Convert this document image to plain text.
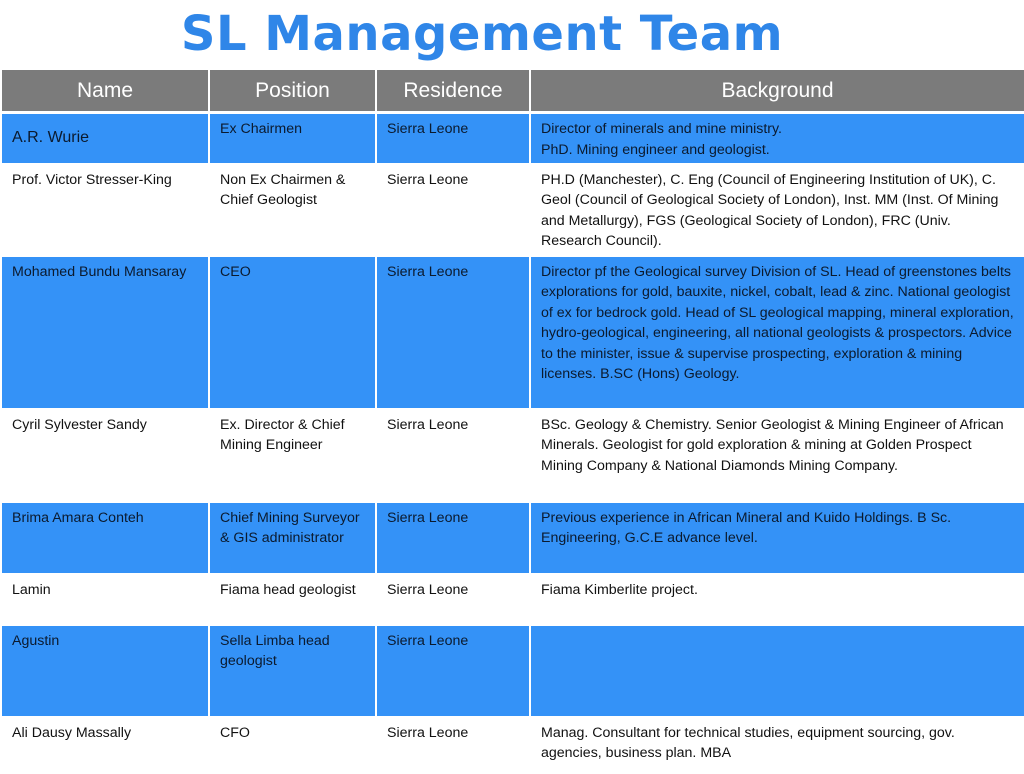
SL Management Team
Name	Position	Residence	Background
A.R. Wurie	Ex Chairmen	Sierra Leone	Director of minerals and mine ministry.
PhD. Mining engineer and geologist.
Prof. Victor Stresser-King	Non Ex Chairmen & Chief Geologist	Sierra Leone	PH.D (Manchester), C. Eng (Council of Engineering Institution of UK), C. Geol (Council of Geological Society of London), Inst. MM (Inst. Of Mining and Metallurgy), FGS (Geological Society of London), FRC (Univ. Research Council).
Mohamed Bundu Mansaray	CEO	Sierra Leone	Director pf the Geological survey Division of SL. Head of greenstones belts explorations for gold, bauxite, nickel, cobalt, lead & zinc. National geologist of ex for bedrock gold. Head of SL geological mapping, mineral exploration, hydro-geological, engineering, all national geologists & prospectors. Advice to the minister, issue & supervise prospecting, exploration & mining licenses. B.SC (Hons) Geology.
Cyril Sylvester Sandy	Ex. Director & Chief Mining Engineer	Sierra Leone	BSc. Geology & Chemistry. Senior Geologist & Mining Engineer of African Minerals. Geologist for gold exploration & mining at Golden Prospect Mining Company & National Diamonds Mining Company.
Brima Amara Conteh	Chief Mining Surveyor & GIS administrator	Sierra Leone	Previous experience in African Mineral and Kuido Holdings. B Sc. Engineering, G.C.E advance level.
Lamin	Fiama head geologist	Sierra Leone	Fiama Kimberlite project.
Agustin	Sella Limba head geologist	Sierra Leone	
Ali Dausy Massally	CFO	Sierra Leone	Manag. Consultant for technical studies, equipment sourcing, gov. agencies, business plan. MBA
